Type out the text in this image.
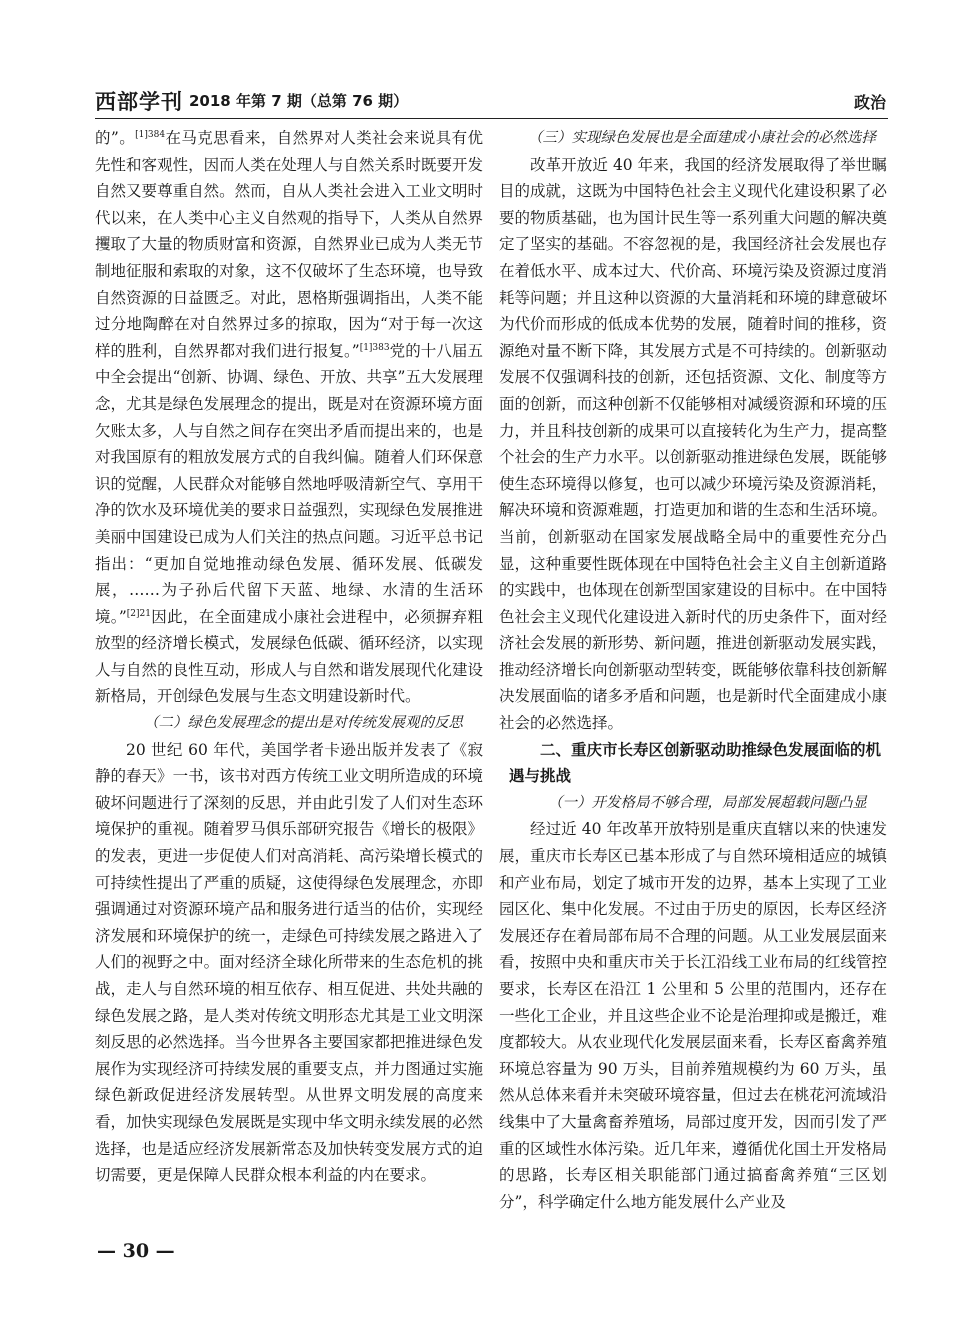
西部学刊 2018 年第 7 期（总第 76 期）	政治

的”。$^{[1]384}$在马克思看来，自然界对人类社会来说具有优先性和客观性，因而人类在处理人与自然关系时既要开发自然又要尊重自然。然而，自从人类社会进入工业文明时代以来，在人类中心主义自然观的指导下，人类从自然界攫取了大量的物质财富和资源，自然界业已成为人类无节制地征服和索取的对象，这不仅破坏了生态环境，也导致自然资源的日益匮乏。对此，恩格斯强调指出，人类不能过分地陶醉在对自然界过多的掠取，因为“对于每一次这样的胜利，自然界都对我们进行报复。”$^{[1]383}$党的十八届五中全会提出“创新、协调、绿色、开放、共享”五大发展理念，尤其是绿色发展理念的提出，既是对在资源环境方面欠账太多，人与自然之间存在突出矛盾而提出来的，也是对我国原有的粗放发展方式的自我纠偏。随着人们环保意识的觉醒，人民群众对能够自然地呼吸清新空气、享用干净的饮水及环境优美的要求日益强烈，实现绿色发展推进美丽中国建设已成为人们关注的热点问题。习近平总书记指出：“更加自觉地推动绿色发展、循环发展、低碳发展，……为子孙后代留下天蓝、地绿、水清的生活环境。”$^{[2]21}$因此，在全面建成小康社会进程中，必须摒弃粗放型的经济增长模式，发展绿色低碳、循环经济，以实现人与自然的良性互动，形成人与自然和谐发展现代化建设新格局，开创绿色发展与生态文明建设新时代。

（二）绿色发展理念的提出是对传统发展观的反思

20 世纪 60 年代，美国学者卡逊出版并发表了《寂静的春天》一书，该书对西方传统工业文明所造成的环境破坏问题进行了深刻的反思，并由此引发了人们对生态环境保护的重视。随着罗马俱乐部研究报告《增长的极限》的发表，更进一步促使人们对高消耗、高污染增长模式的可持续性提出了严重的质疑，这使得绿色发展理念，亦即强调通过对资源环境产品和服务进行适当的估价，实现经济发展和环境保护的统一，走绿色可持续发展之路进入了人们的视野之中。面对经济全球化所带来的生态危机的挑战，走人与自然环境的相互依存、相互促进、共处共融的绿色发展之路，是人类对传统文明形态尤其是工业文明深刻反思的必然选择。当今世界各主要国家都把推进绿色发展作为实现经济可持续发展的重要支点，并力图通过实施绿色新政促进经济发展转型。从世界文明发展的高度来看，加快实现绿色发展既是实现中华文明永续发展的必然选择，也是适应经济发展新常态及加快转变发展方式的迫切需要，更是保障人民群众根本利益的内在要求。

（三）实现绿色发展也是全面建成小康社会的必然选择

改革开放近 40 年来，我国的经济发展取得了举世瞩目的成就，这既为中国特色社会主义现代化建设积累了必要的物质基础，也为国计民生等一系列重大问题的解决奠定了坚实的基础。不容忽视的是，我国经济社会发展也存在着低水平、成本过大、代价高、环境污染及资源过度消耗等问题；并且这种以资源的大量消耗和环境的肆意破坏为代价而形成的低成本优势的发展，随着时间的推移，资源绝对量不断下降，其发展方式是不可持续的。创新驱动发展不仅强调科技的创新，还包括资源、文化、制度等方面的创新，而这种创新不仅能够相对减缓资源和环境的压力，并且科技创新的成果可以直接转化为生产力，提高整个社会的生产力水平。以创新驱动推进绿色发展，既能够使生态环境得以修复，也可以减少环境污染及资源消耗，解决环境和资源难题，打造更加和谐的生态和生活环境。当前，创新驱动在国家发展战略全局中的重要性充分凸显，这种重要性既体现在中国特色社会主义自主创新道路的实践中，也体现在创新型国家建设的目标中。在中国特色社会主义现代化建设进入新时代的历史条件下，面对经济社会发展的新形势、新问题，推进创新驱动发展实践，推动经济增长向创新驱动型转变，既能够依靠科技创新解决发展面临的诸多矛盾和问题，也是新时代全面建成小康社会的必然选择。

二、重庆市长寿区创新驱动助推绿色发展面临的机遇与挑战

（一）开发格局不够合理，局部发展超载问题凸显

经过近 40 年改革开放特别是重庆直辖以来的快速发展，重庆市长寿区已基本形成了与自然环境相适应的城镇和产业布局，划定了城市开发的边界，基本上实现了工业园区化、集中化发展。不过由于历史的原因，长寿区经济发展还存在着局部布局不合理的问题。从工业发展层面来看，按照中央和重庆市关于长江沿线工业布局的红线管控要求，长寿区在沿江 1 公里和 5 公里的范围内，还存在一些化工企业，并且这些企业不论是治理抑或是搬迁，难度都较大。从农业现代化发展层面来看，长寿区畜禽养殖环境总容量为 90 万头，目前养殖规模约为 60 万头，虽然从总体来看并未突破环境容量，但过去在桃花河流域沿线集中了大量禽畜养殖场，局部过度开发，因而引发了严重的区域性水体污染。近几年来，遵循优化国土开发格局的思路，长寿区相关职能部门通过搞畜禽养殖“三区划分”，科学确定什么地方能发展什么产业及

— 30 —
